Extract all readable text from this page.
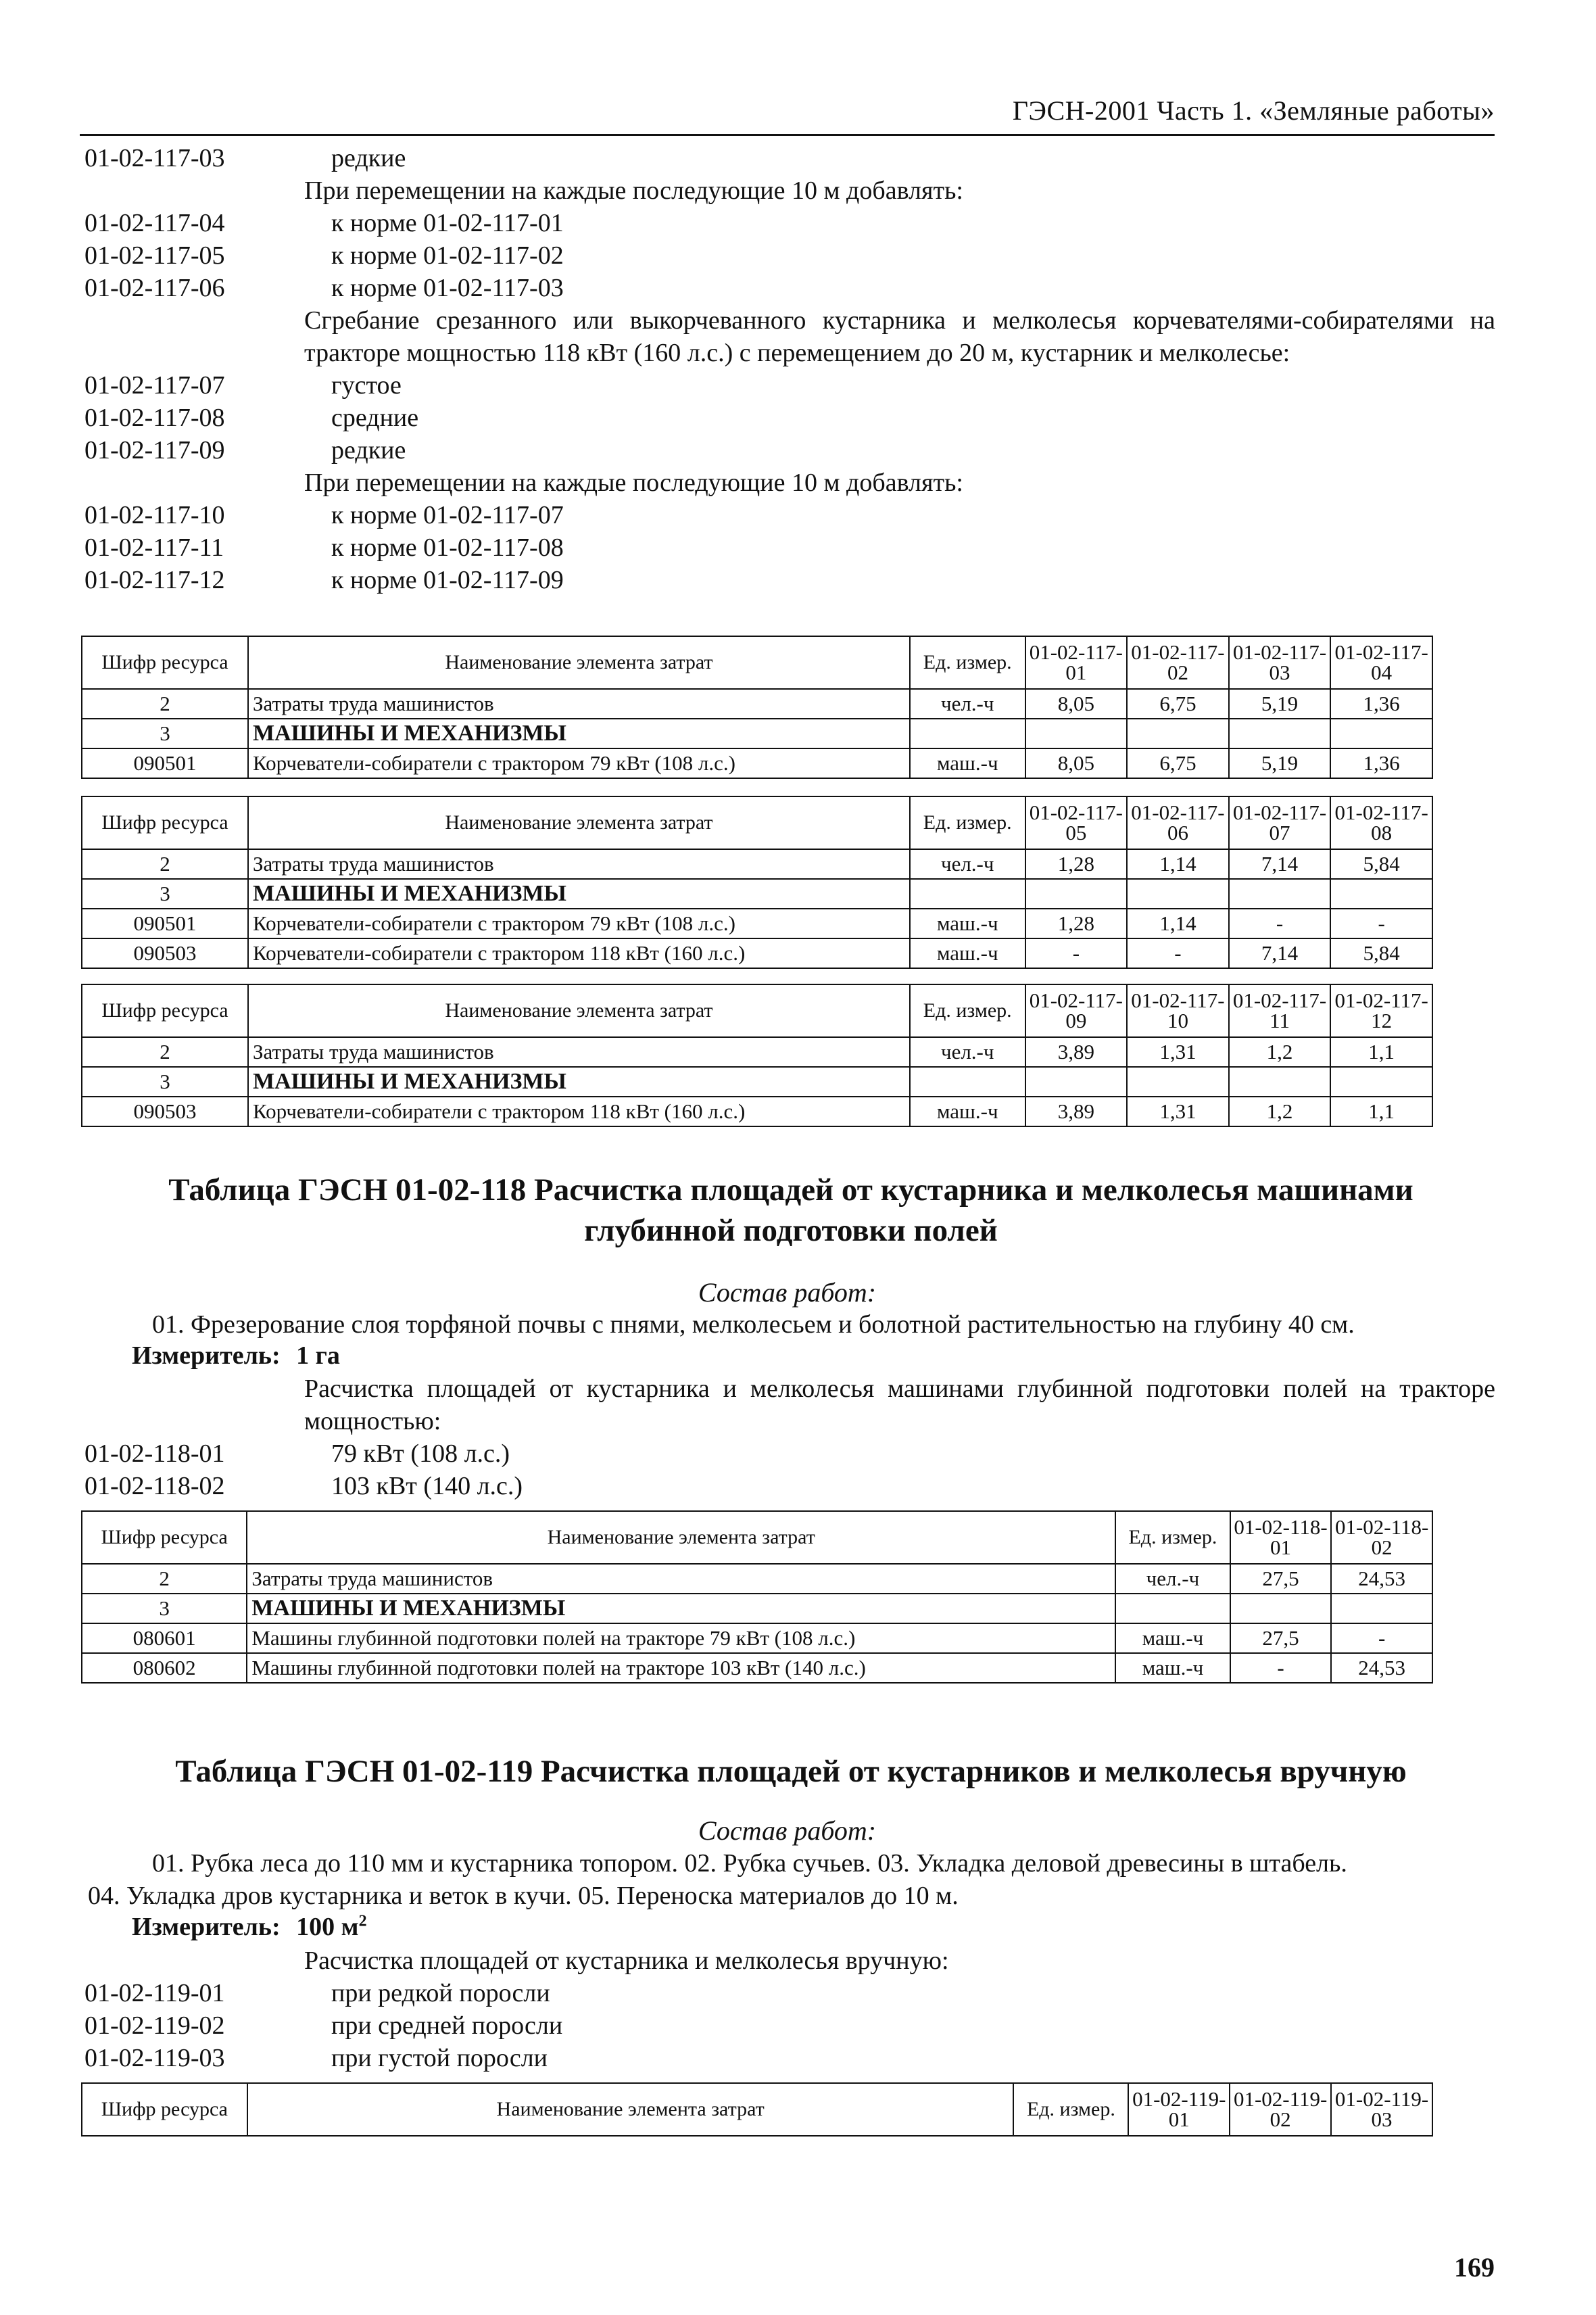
ГЭСН-2001 Часть 1. «Земляные работы»
01-02-117-03	редкие
При перемещении на каждые последующие 10 м добавлять:
01-02-117-04	к норме 01-02-117-01
01-02-117-05	к норме 01-02-117-02
01-02-117-06	к норме 01-02-117-03
Сгребание срезанного или выкорчеванного кустарника и мелколесья корчевателями-собирателями на тракторе мощностью 118 кВт (160 л.с.) с перемещением до 20 м, кустарник и мелколесье:
01-02-117-07	густое
01-02-117-08	средние
01-02-117-09	редкие
При перемещении на каждые последующие 10 м добавлять:
01-02-117-10	к норме 01-02-117-07
01-02-117-11	к норме 01-02-117-08
01-02-117-12	к норме 01-02-117-09
Шифр ресурса	Наименование элемента затрат	Ед. измер.	01-02-117-01	01-02-117-02	01-02-117-03	01-02-117-04
2	Затраты труда машинистов	чел.-ч	8,05	6,75	5,19	1,36
3	МАШИНЫ И МЕХАНИЗМЫ					
090501	Корчеватели-собиратели с трактором 79 кВт (108 л.с.)	маш.-ч	8,05	6,75	5,19	1,36
Шифр ресурса	Наименование элемента затрат	Ед. измер.	01-02-117-05	01-02-117-06	01-02-117-07	01-02-117-08
2	Затраты труда машинистов	чел.-ч	1,28	1,14	7,14	5,84
3	МАШИНЫ И МЕХАНИЗМЫ					
090501	Корчеватели-собиратели с трактором 79 кВт (108 л.с.)	маш.-ч	1,28	1,14	-	-
090503	Корчеватели-собиратели с трактором 118 кВт (160 л.с.)	маш.-ч	-	-	7,14	5,84
Шифр ресурса	Наименование элемента затрат	Ед. измер.	01-02-117-09	01-02-117-10	01-02-117-11	01-02-117-12
2	Затраты труда машинистов	чел.-ч	3,89	1,31	1,2	1,1
3	МАШИНЫ И МЕХАНИЗМЫ					
090503	Корчеватели-собиратели с трактором 118 кВт (160 л.с.)	маш.-ч	3,89	1,31	1,2	1,1
Таблица ГЭСН 01-02-118 Расчистка площадей от кустарника и мелколесья машинами
глубинной подготовки полей
Состав работ:
01. Фрезерование слоя торфяной почвы с пнями, мелколесьем и болотной растительностью на глубину 40 см.
Измеритель: 1 га
Расчистка площадей от кустарника и мелколесья машинами глубинной подготовки полей на тракторе мощностью:
01-02-118-01	79 кВт (108 л.с.)
01-02-118-02	103 кВт (140 л.с.)
Шифр ресурса	Наименование элемента затрат	Ед. измер.	01-02-118-01	01-02-118-02
2	Затраты труда машинистов	чел.-ч	27,5	24,53
3	МАШИНЫ И МЕХАНИЗМЫ			
080601	Машины глубинной подготовки полей на тракторе 79 кВт (108 л.с.)	маш.-ч	27,5	-
080602	Машины глубинной подготовки полей на тракторе 103 кВт (140 л.с.)	маш.-ч	-	24,53
Таблица ГЭСН 01-02-119 Расчистка площадей от кустарников и мелколесья вручную
Состав работ:
01. Рубка леса до 110 мм и кустарника топором. 02. Рубка сучьев. 03. Укладка деловой древесины в штабель.
04. Укладка дров кустарника и веток в кучи. 05. Переноска материалов до 10 м.
Измеритель: 100 $м^2$
Расчистка площадей от кустарника и мелколесья вручную:
01-02-119-01	при редкой поросли
01-02-119-02	при средней поросли
01-02-119-03	при густой поросли
Шифр ресурса	Наименование элемента затрат	Ед. измер.	01-02-119-01	01-02-119-02	01-02-119-03
169
